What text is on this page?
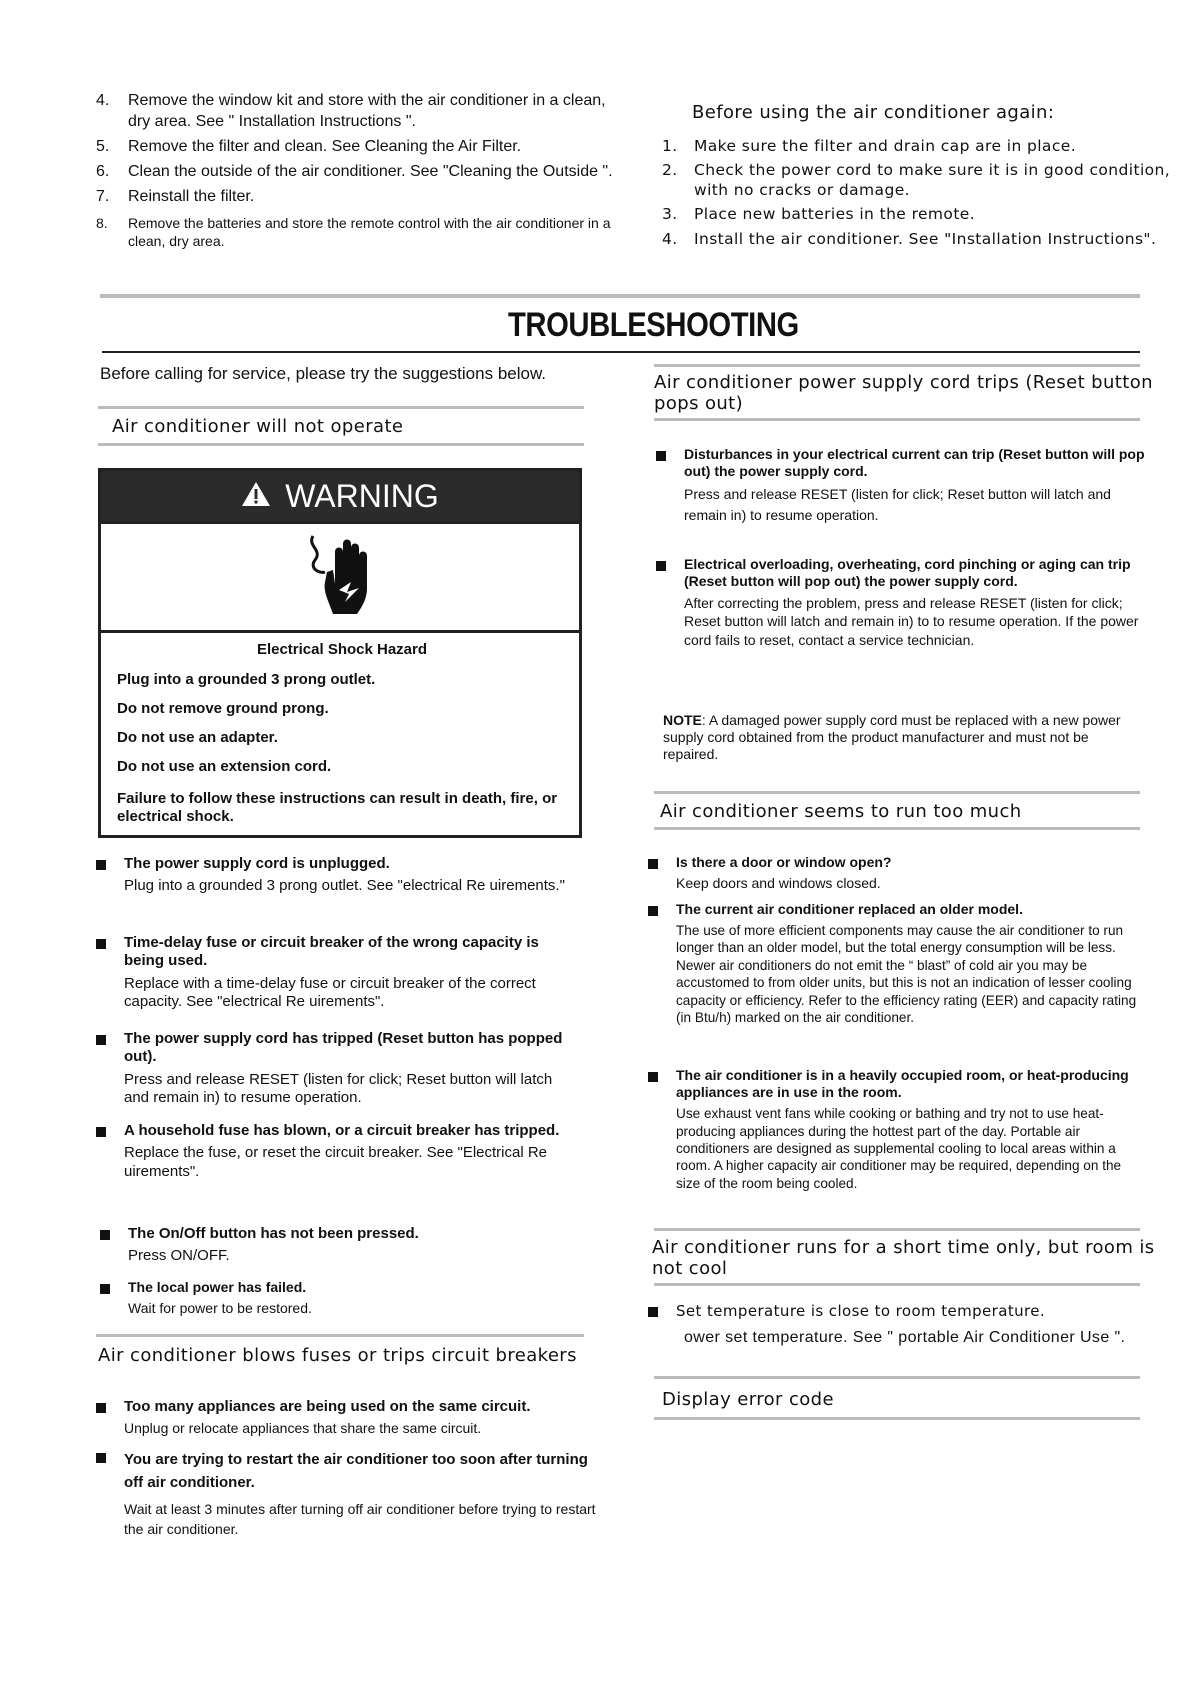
4. Remove the window kit and store with the air conditioner in a clean, dry area. See " Installation Instructions ".
5. Remove the filter and clean. See Cleaning the Air Filter.
6. Clean the outside of the air conditioner. See "Cleaning the Outside ".
7. Reinstall the filter.
8. Remove the batteries and store the remote control with the air conditioner in a clean, dry area.
Before using the air conditioner again:
1. Make sure the filter and drain cap are in place.
2. Check the power cord to make sure it is in good condition, with no cracks or damage.
3. Place new batteries in the remote.
4. Install the air conditioner. See "Installation Instructions".
TROUBLESHOOTING
Before calling for service, please try the suggestions below.
Air conditioner will not operate
WARNING

Electrical Shock Hazard

Plug into a grounded 3 prong outlet.

Do not remove ground prong.

Do not use an adapter.

Do not use an extension cord.

Failure to follow these instructions can result in death, fire, or electrical shock.

The power supply cord is unplugged.
Plug into a grounded 3 prong outlet. See "electrical Re uirements."
Time-delay fuse or circuit breaker of the wrong capacity is being used.
Replace with a time-delay fuse or circuit breaker of the correct capacity. See "electrical Re uirements".
The power supply cord has tripped (Reset button has popped out).
Press and release RESET (listen for click; Reset button will latch and remain in) to resume operation.
A household fuse has blown, or a circuit breaker has tripped.
Replace the fuse, or reset the circuit breaker. See "Electrical Re uirements".
The On/Off button has not been pressed.
Press ON/OFF.
The local power has failed.
Wait for power to be restored.
Air conditioner blows fuses or trips circuit breakers
Too many appliances are being used on the same circuit.
Unplug or relocate appliances that share the same circuit.
You are trying to restart the air conditioner too soon after turning off air conditioner.
Wait at least 3 minutes after turning off air conditioner before trying to restart the air conditioner.
Air conditioner power supply cord trips (Reset button pops out)
Disturbances in your electrical current can trip (Reset button will pop out) the power supply cord.
Press and release RESET (listen for click; Reset button will latch and remain in) to resume operation.
Electrical overloading, overheating, cord pinching or aging can trip (Reset button will pop out) the power supply cord.
After correcting the problem, press and release RESET (listen for click; Reset button will latch and remain in) to to resume operation. If the power cord fails to reset, contact a service technician.
NOTE: A damaged power supply cord must be replaced with a new power supply cord obtained from the product manufacturer and must not be repaired.
Air conditioner seems to run too much
Is there a door or window open?
Keep doors and windows closed.
The current air conditioner replaced an older model.
The use of more efficient components may cause the air conditioner to run longer than an older model, but the total energy consumption will be less. Newer air conditioners do not emit the “ blast” of cold air you may be accustomed to from older units, but this is not an indication of lesser cooling capacity or efficiency. Refer to the efficiency rating (EER) and capacity rating (in Btu/h) marked on the air conditioner.
The air conditioner is in a heavily occupied room, or heat-producing appliances are in use in the room.
Use exhaust vent fans while cooking or bathing and try not to use heat-producing appliances during the hottest part of the day. Portable air conditioners are designed as supplemental cooling to local areas within a room. A higher capacity air conditioner may be required, depending on the size of the room being cooled.
Air conditioner runs for a short time only, but room is not cool
Set temperature is close to room temperature.
ower set temperature. See " portable Air Conditioner Use ".
Display error code
